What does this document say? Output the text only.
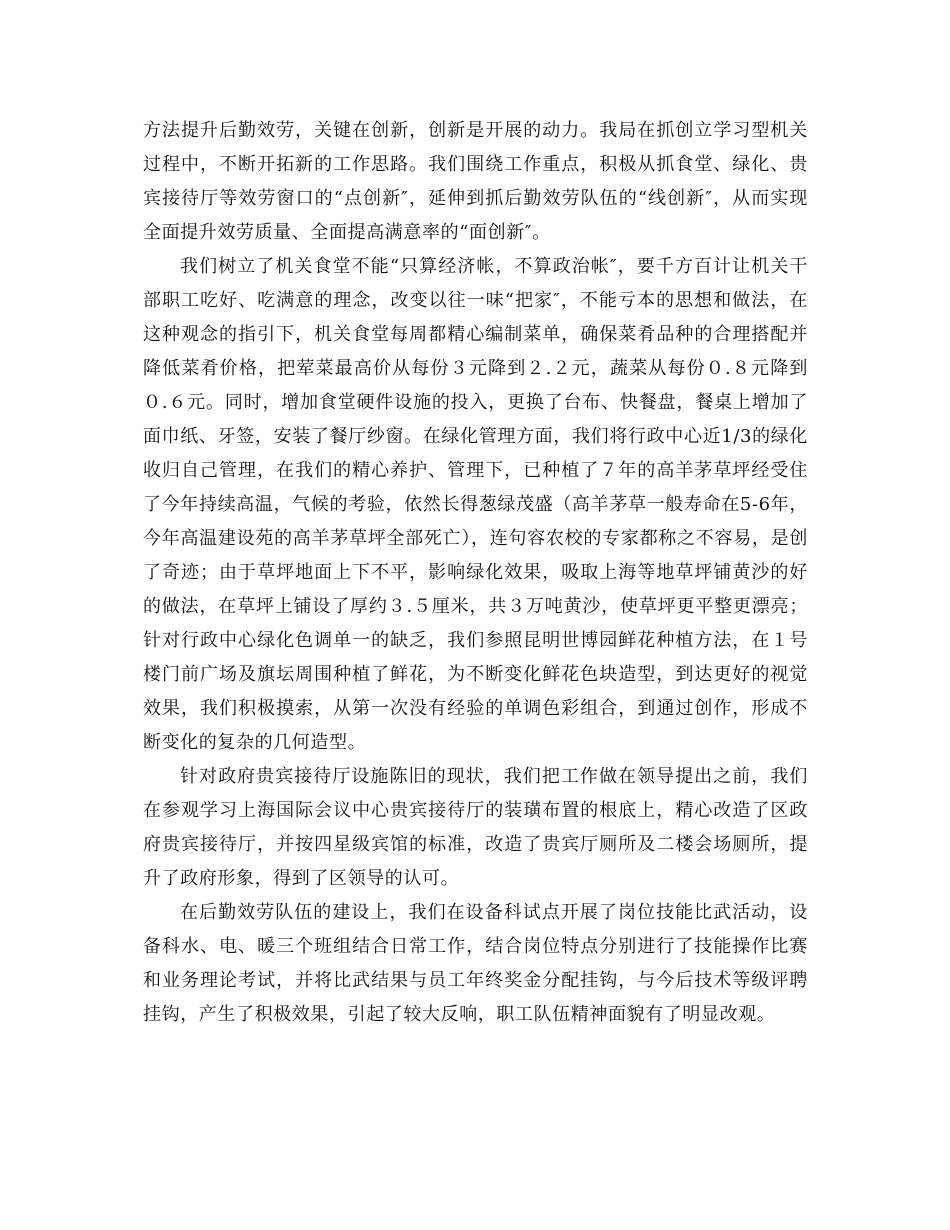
方法提升后勤效劳，关键在创新，创新是开展的动力。我局在抓创立学习型机关过程中，不断开拓新的工作思路。我们围绕工作重点，积极从抓食堂、绿化、贵宾接待厅等效劳窗口的“点创新″，延伸到抓后勤效劳队伍的“线创新″，从而实现全面提升效劳质量、全面提高满意率的“面创新″。

我们树立了机关食堂不能“只算经济帐，不算政治帐″，要千方百计让机关干部职工吃好、吃满意的理念，改变以往一味“把家″，不能亏本的思想和做法，在这种观念的指引下，机关食堂每周都精心编制菜单，确保菜肴品种的合理搭配并降低菜肴价格，把荤菜最高价从每份３元降到２.２元，蔬菜从每份０.８元降到０.６元。同时，增加食堂硬件设施的投入，更换了台布、快餐盘，餐桌上增加了面巾纸、牙签，安装了餐厅纱窗。在绿化管理方面，我们将行政中心近1/3的绿化收归自己管理，在我们的精心养护、管理下，已种植了７年的高羊茅草坪经受住了今年持续高温，气候的考验，依然长得葱绿茂盛（高羊茅草一般寿命在5-6年，今年高温建设苑的高羊茅草坪全部死亡），连句容农校的专家都称之不容易，是创了奇迹；由于草坪地面上下不平，影响绿化效果，吸取上海等地草坪铺黄沙的好的做法，在草坪上铺设了厚约３.５厘米，共３万吨黄沙，使草坪更平整更漂亮；针对行政中心绿化色调单一的缺乏，我们参照昆明世博园鲜花种植方法，在１号楼门前广场及旗坛周围种植了鲜花，为不断变化鲜花色块造型，到达更好的视觉效果，我们积极摸索，从第一次没有经验的单调色彩组合，到通过创作，形成不断变化的复杂的几何造型。

针对政府贵宾接待厅设施陈旧的现状，我们把工作做在领导提出之前，我们在参观学习上海国际会议中心贵宾接待厅的装璜布置的根底上，精心改造了区政府贵宾接待厅，并按四星级宾馆的标准，改造了贵宾厅厕所及二楼会场厕所，提升了政府形象，得到了区领导的认可。

在后勤效劳队伍的建设上，我们在设备科试点开展了岗位技能比武活动，设备科水、电、暖三个班组结合日常工作，结合岗位特点分别进行了技能操作比赛和业务理论考试，并将比武结果与员工年终奖金分配挂钩，与今后技术等级评聘挂钩，产生了积极效果，引起了较大反响，职工队伍精神面貌有了明显改观。
